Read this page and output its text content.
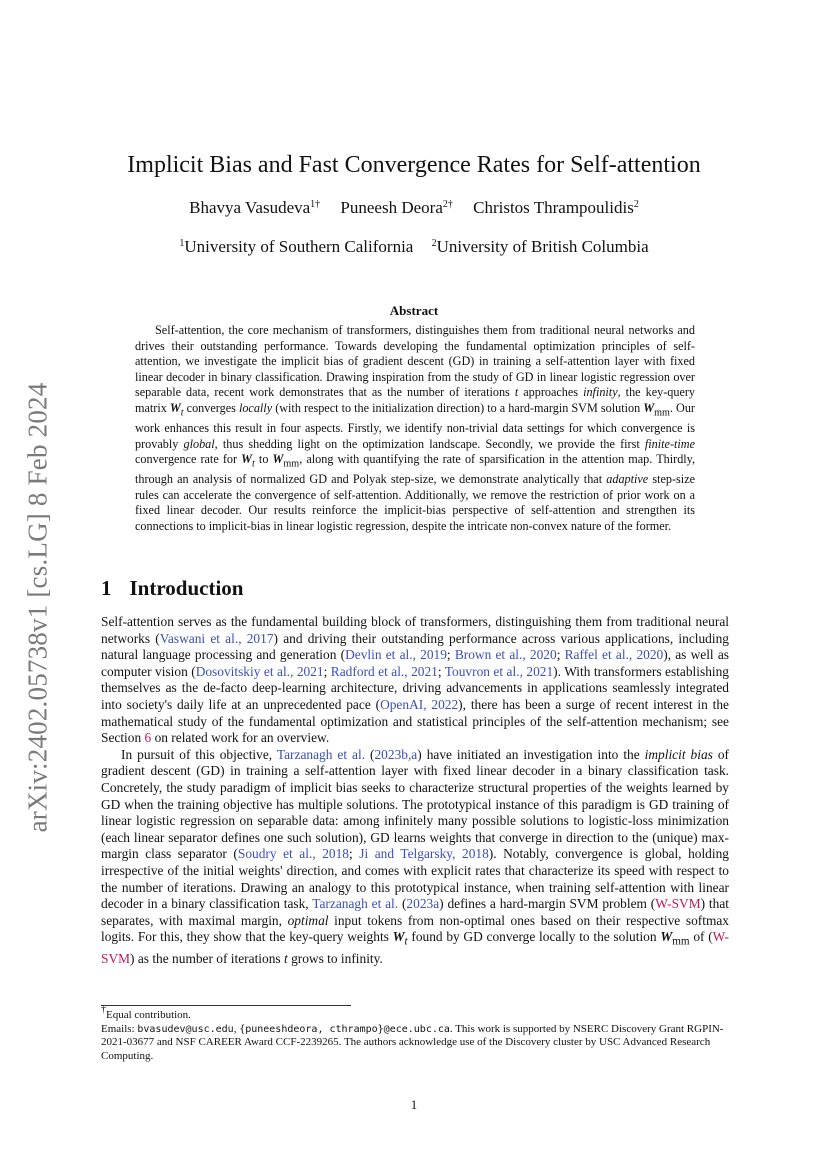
arXiv:2402.05738v1 [cs.LG] 8 Feb 2024
Implicit Bias and Fast Convergence Rates for Self-attention
Bhavya Vasudeva$^{1\dagger}$ Puneesh Deora$^{2\dagger}$ Christos Thrampoulidis$^2$
$^1$University of Southern California $^2$University of British Columbia
Abstract

Self-attention, the core mechanism of transformers, distinguishes them from traditional neural networks and drives their outstanding performance. Towards developing the fundamental optimization principles of self-attention, we investigate the implicit bias of gradient descent (GD) in training a self-attention layer with fixed linear decoder in binary classification. Drawing inspiration from the study of GD in linear logistic regression over separable data, recent work demonstrates that as the number of iterations t approaches infinity, the key-query matrix $W_t$ converges locally (with respect to the initialization direction) to a hard-margin SVM solution $W_{mm}$. Our work enhances this result in four aspects. Firstly, we identify non-trivial data settings for which convergence is provably global, thus shedding light on the optimization landscape. Secondly, we provide the first finite-time convergence rate for $W_t$ to $W_{mm}$, along with quantifying the rate of sparsification in the attention map. Thirdly, through an analysis of normalized GD and Polyak step-size, we demonstrate analytically that adaptive step-size rules can accelerate the convergence of self-attention. Additionally, we remove the restriction of prior work on a fixed linear decoder. Our results reinforce the implicit-bias perspective of self-attention and strengthen its connections to implicit-bias in linear logistic regression, despite the intricate non-convex nature of the former.

1 Introduction

Self-attention serves as the fundamental building block of transformers, distinguishing them from traditional neural networks (Vaswani et al., 2017) and driving their outstanding performance across various applications, including natural language processing and generation (Devlin et al., 2019; Brown et al., 2020; Raffel et al., 2020), as well as computer vision (Dosovitskiy et al., 2021; Radford et al., 2021; Touvron et al., 2021). With transformers establishing themselves as the de-facto deep-learning architecture, driving advancements in applications seamlessly integrated into society's daily life at an unprecedented pace (OpenAI, 2022), there has been a surge of recent interest in the mathematical study of the fundamental optimization and statistical principles of the self-attention mechanism; see Section 6 on related work for an overview.

In pursuit of this objective, Tarzanagh et al. (2023b,a) have initiated an investigation into the implicit bias of gradient descent (GD) in training a self-attention layer with fixed linear decoder in a binary classification task. Concretely, the study paradigm of implicit bias seeks to characterize structural properties of the weights learned by GD when the training objective has multiple solutions. The prototypical instance of this paradigm is GD training of linear logistic regression on separable data: among infinitely many possible solutions to logistic-loss minimization (each linear separator defines one such solution), GD learns weights that converge in direction to the (unique) max-margin class separator (Soudry et al., 2018; Ji and Telgarsky, 2018). Notably, convergence is global, holding irrespective of the initial weights' direction, and comes with explicit rates that characterize its speed with respect to the number of iterations. Drawing an analogy to this prototypical instance, when training self-attention with linear decoder in a binary classification task, Tarzanagh et al. (2023a) defines a hard-margin SVM problem (W-SVM) that separates, with maximal margin, optimal input tokens from non-optimal ones based on their respective softmax logits. For this, they show that the key-query weights $W_t$ found by GD converge locally to the solution $W_{mm}$ of (W-SVM) as the number of iterations t grows to infinity.

†Equal contribution.

Emails: bvasudev@usc.edu, {puneeshdeora, cthrampo}@ece.ubc.ca. This work is supported by NSERC Discovery Grant RGPIN-2021-03677 and NSF CAREER Award CCF-2239265. The authors acknowledge use of the Discovery cluster by USC Advanced Research Computing.

1
